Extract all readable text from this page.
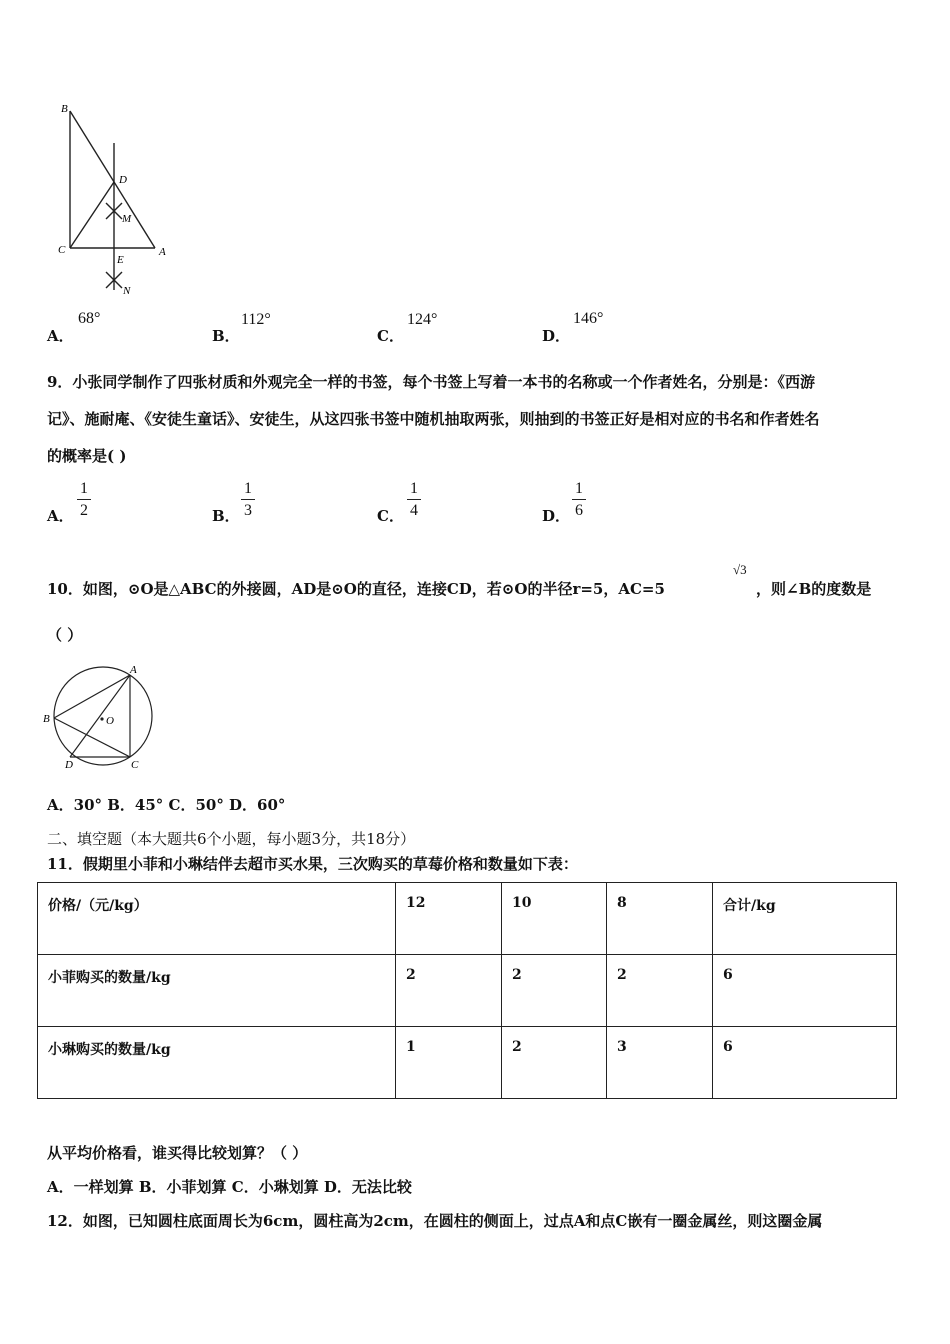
B
D
M
C	A
E
N
A．
68°
B．
112°
C．
124°
D．
146°
9．小张同学制作了四张材质和外观完全一样的书签，每个书签上写着一本书的名称或一个作者姓名，分别是：《西游
记》、施耐庵、《安徒生童话》、安徒生，从这四张书签中随机抽取两张，则抽到的书签正好是相对应的书名和作者姓名
的概率是( )
A．
1
2	B．
1
3	C．
1
4	D．
1
6
10．如图，⊙O是△ABC的外接圆，AD是⊙O的直径，连接CD，若⊙O的半径r=5，AC=5
√3
，则∠B的度数是
（ ）
A
B	O
D	C
A．30° B．45° C．50° D．60°
二、填空题（本大题共6个小题，每小题3分，共18分）
11．假期里小菲和小琳结伴去超市买水果，三次购买的草莓价格和数量如下表：
价格/（元/kg）	12	10	8	合计/kg
小菲购买的数量/kg	2	2	2	6
小琳购买的数量/kg	1	2	3	6
从平均价格看，谁买得比较划算？（ ）
A．一样划算 B．小菲划算 C．小琳划算 D．无法比较
12．如图，已知圆柱底面周长为6cm，圆柱高为2cm，在圆柱的侧面上，过点A和点C嵌有一圈金属丝，则这圈金属
